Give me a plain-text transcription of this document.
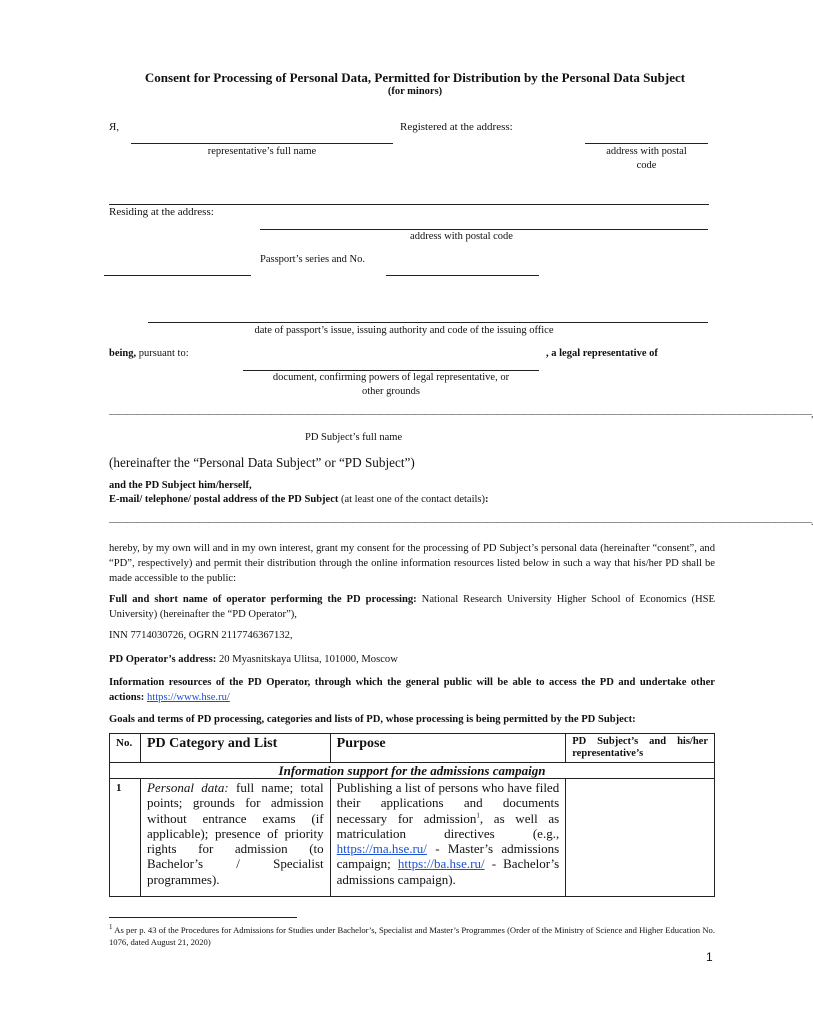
Consent for Processing of Personal Data, Permitted for Distribution by the Personal Data Subject
(for minors)
Я,	Registered at the address:
representative’s full name	address with postal
code
Residing at the address:
address with postal code
Passport’s series and No.
date of passport’s issue, issuing authority and code of the issuing office
being, pursuant to:	, a legal representative of
document, confirming powers of legal representative, or
other grounds
——————————————————————————————————————————————————————————————————————————————,
PD Subject’s full name
(hereinafter the “Personal Data Subject” or “PD Subject”)
and the PD Subject him/herself,
E-mail/ telephone/ postal address of the PD Subject (at least one of the contact details):
——————————————————————————————————————————————————————————————————————————————.
hereby, by my own will and in my own interest, grant my consent for the processing of PD Subject’s personal data (hereinafter “consent”, and “PD”, respectively) and permit their distribution through the online information resources listed below in such a way that his/her PD shall be made accessible to the public:
Full and short name of operator performing the PD processing: National Research University Higher School of Economics (HSE University) (hereinafter the “PD Operator”),
INN 7714030726, OGRN 2117746367132,
PD Operator’s address: 20 Myasnitskaya Ulitsa, 101000, Moscow
Information resources of the PD Operator, through which the general public will be able to access the PD and undertake other actions: https://www.hse.ru/
Goals and terms of PD processing, categories and lists of PD, whose processing is being permitted by the PD Subject:
No.	PD Category and List	Purpose	PD Subject’s and his/her representative’s
Information support for the admissions campaign			
1	Personal data: full name; total points; grounds for admission without entrance exams (if applicable); presence of priority rights for admission (to Bachelor’s / Specialist programmes).	Publishing a list of persons who have filed their applications and documents necessary for admission$^1$, as well as matriculation directives (e.g., https://ma.hse.ru/ - Master’s admissions campaign; https://ba.hse.ru/ - Bachelor’s admissions campaign).	
$^1$ As per p. 43 of the Procedures for Admissions for Studies under Bachelor’s, Specialist and Master’s Programmes (Order of the Ministry of Science and Higher Education No. 1076, dated August 21, 2020)
1
